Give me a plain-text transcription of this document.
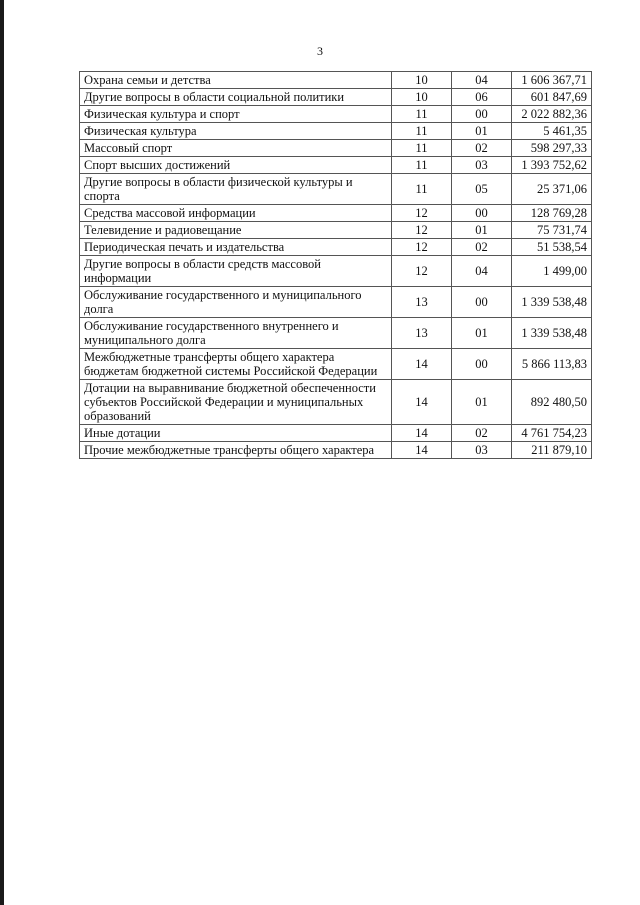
3
Охрана семьи и детства	10	04	1 606 367,71
Другие вопросы в области социальной политики	10	06	601 847,69
Физическая культура и спорт	11	00	2 022 882,36
Физическая культура	11	01	5 461,35
Массовый спорт	11	02	598 297,33
Спорт высших достижений	11	03	1 393 752,62
Другие вопросы в области физической культуры и спорта	11	05	25 371,06
Средства массовой информации	12	00	128 769,28
Телевидение и радиовещание	12	01	75 731,74
Периодическая печать и издательства	12	02	51 538,54
Другие вопросы в области средств массовой информации	12	04	1 499,00
Обслуживание государственного и муниципального долга	13	00	1 339 538,48
Обслуживание государственного внутреннего и муниципального долга	13	01	1 339 538,48
Межбюджетные трансферты общего характера бюджетам бюджетной системы Российской Федерации	14	00	5 866 113,83
Дотации на выравнивание бюджетной обеспеченности субъектов Российской Федерации и муниципальных образований	14	01	892 480,50
Иные дотации	14	02	4 761 754,23
Прочие межбюджетные трансферты общего характера	14	03	211 879,10
